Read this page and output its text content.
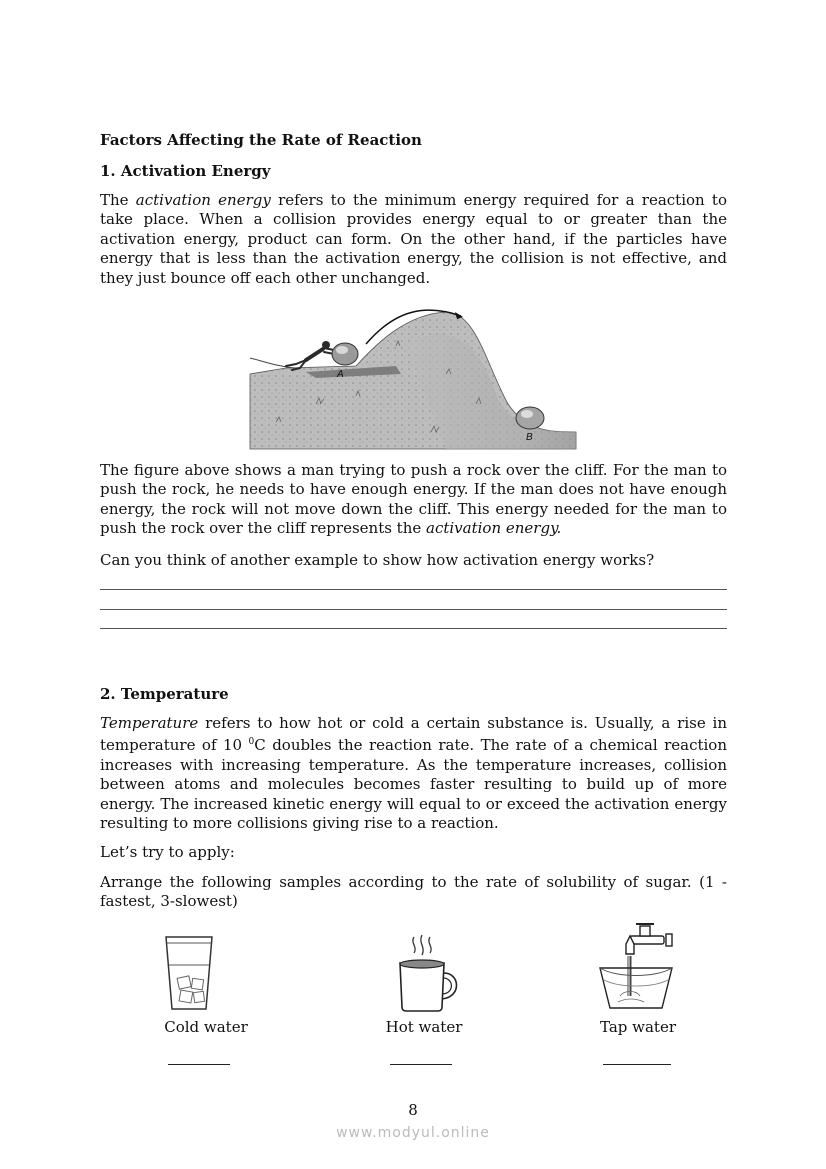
Factors Affecting the Rate of Reaction
1. Activation Energy

The activation energy refers to the minimum energy required for a reaction to take place. When a collision provides energy equal to or greater than the activation energy, product can form. On the other hand, if the particles have energy that is less than the activation energy, the collision is not effective, and they just bounce off each other unchanged.

A
B

The figure above shows a man trying to push a rock over the cliff. For the man to push the rock, he needs to have enough energy. If the man does not have enough energy, the rock will not move down the cliff. This energy needed for the man to push the rock over the cliff represents the activation energy.

Can you think of another example to show how activation energy works?
2. Temperature

Temperature refers to how hot or cold a certain substance is. Usually, a rise in temperature of 10 $^0$C doubles the reaction rate. The rate of a chemical reaction increases with increasing temperature. As the temperature increases, collision between atoms and molecules becomes faster resulting to build up of more energy. The increased kinetic energy will equal to or exceed the activation energy resulting to more collisions giving rise to a reaction.

Let’s try to apply:
Arrange the following samples according to the rate of solubility of sugar. (1 -fastest, 3-slowest)
Cold water	Hot water	Tap water
8
www.modyul.online
